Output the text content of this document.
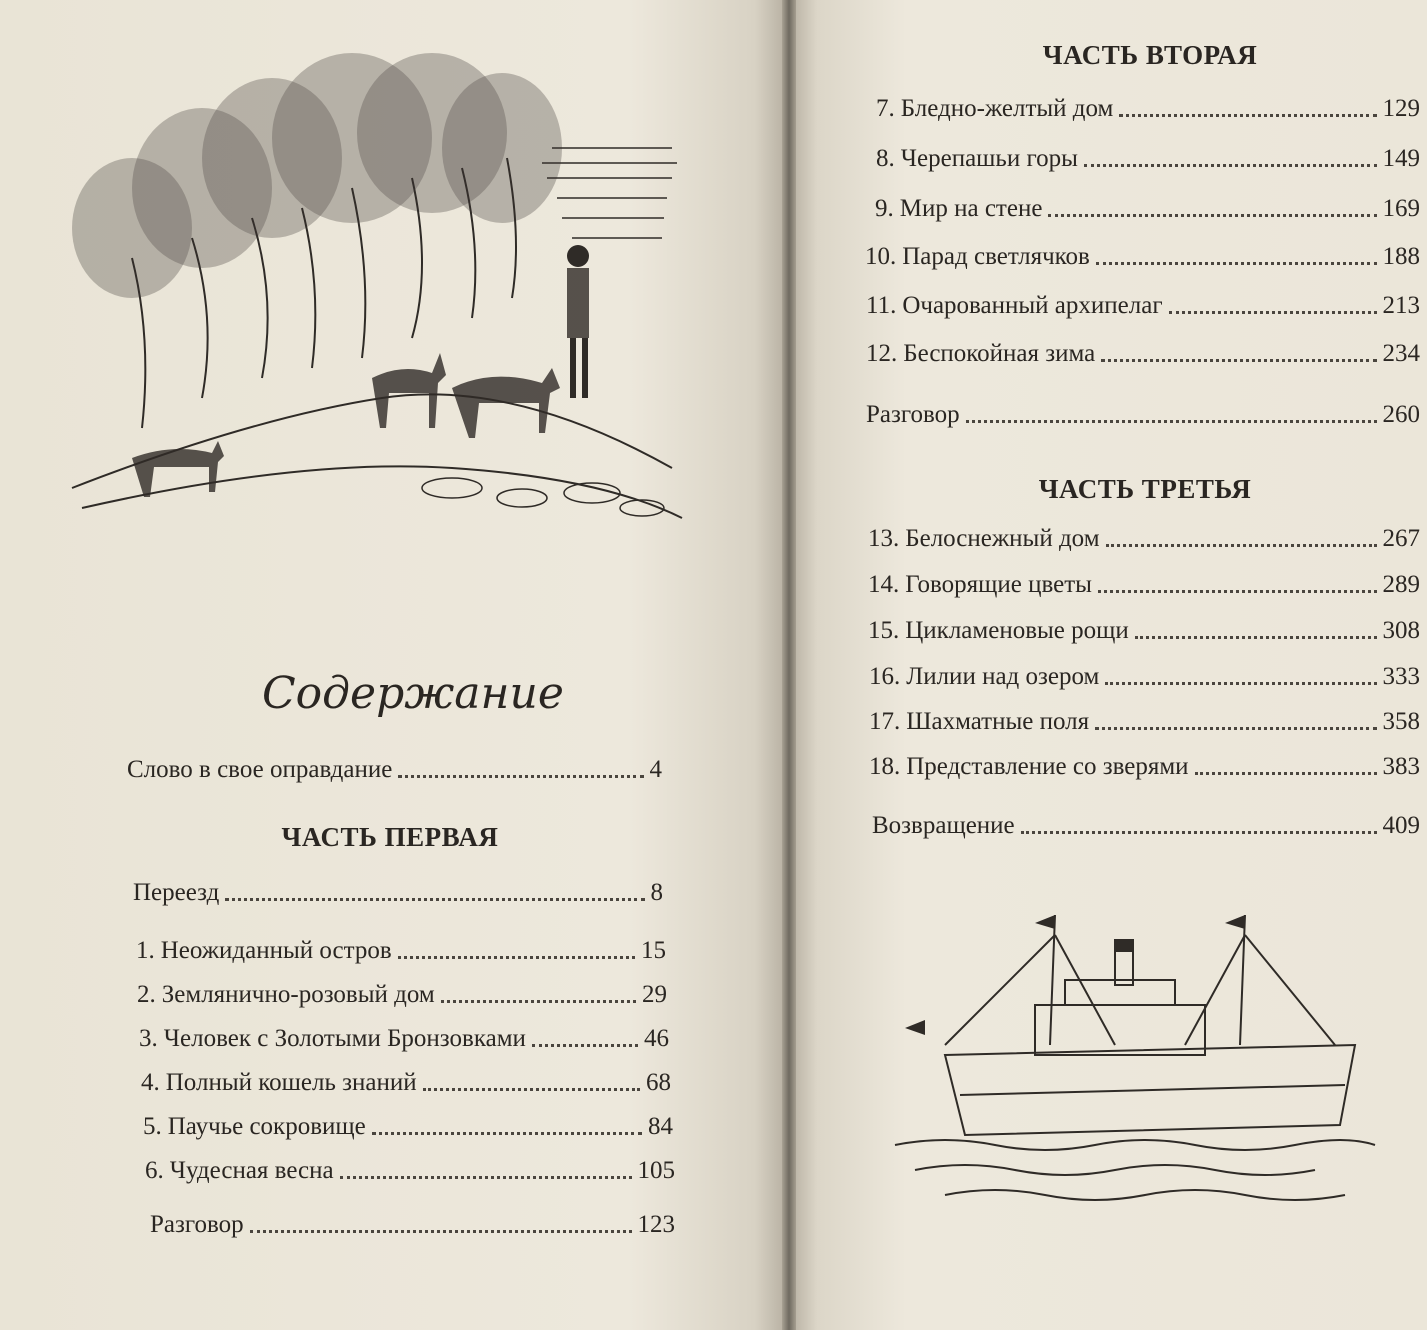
Содержание
Слово в свое оправдание	4
ЧАСТЬ ПЕРВАЯ
Переезд	8
1. Неожиданный остров	15
2. Землянично-розовый дом	29
3. Человек с Золотыми Бронзовками	46
4. Полный кошель знаний	68
5. Паучье сокровище	84
6. Чудесная весна	105
Разговор	123
ЧАСТЬ ВТОРАЯ
7. Бледно-желтый дом	129
8. Черепашьи горы	149
9. Мир на стене	169
10. Парад светлячков	188
11. Очарованный архипелаг	213
12. Беспокойная зима	234
Разговор	260
ЧАСТЬ ТРЕТЬЯ
13. Белоснежный дом	267
14. Говорящие цветы	289
15. Цикламеновые рощи	308
16. Лилии над озером	333
17. Шахматные поля	358
18. Представление со зверями	383
Возвращение	409
